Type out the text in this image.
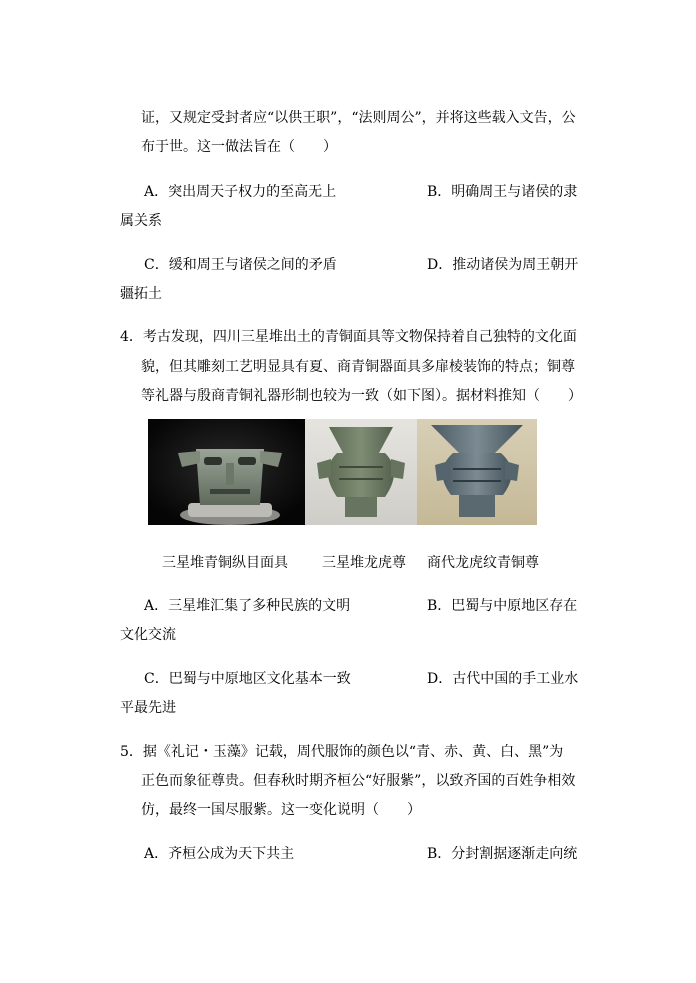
证，又规定受封者应“以供王职”，“法则周公”，并将这些载入文告，公
布于世。这一做法旨在（　　）
A．突出周天子权力的至高无上	B．明确周王与诸侯的隶
属关系
C．缓和周王与诸侯之间的矛盾	D．推动诸侯为周王朝开
疆拓土
4．考古发现，四川三星堆出土的青铜面具等文物保持着自己独特的文化面
貌，但其雕刻工艺明显具有夏、商青铜器面具多扉棱装饰的特点；铜尊
等礼器与殷商青铜礼器形制也较为一致（如下图）。据材料推知（　　）
三星堆青铜纵目面具 三星堆龙虎尊 商代龙虎纹青铜尊
A．三星堆汇集了多种民族的文明	B．巴蜀与中原地区存在
文化交流
C．巴蜀与中原地区文化基本一致	D．古代中国的手工业水
平最先进
5．据《礼记・玉藻》记载，周代服饰的颜色以“青、赤、黄、白、黑”为
正色而象征尊贵。但春秋时期齐桓公“好服紫”，以致齐国的百姓争相效
仿，最终一国尽服紫。这一变化说明（　　）
A．齐桓公成为天下共主	B．分封割据逐渐走向统
